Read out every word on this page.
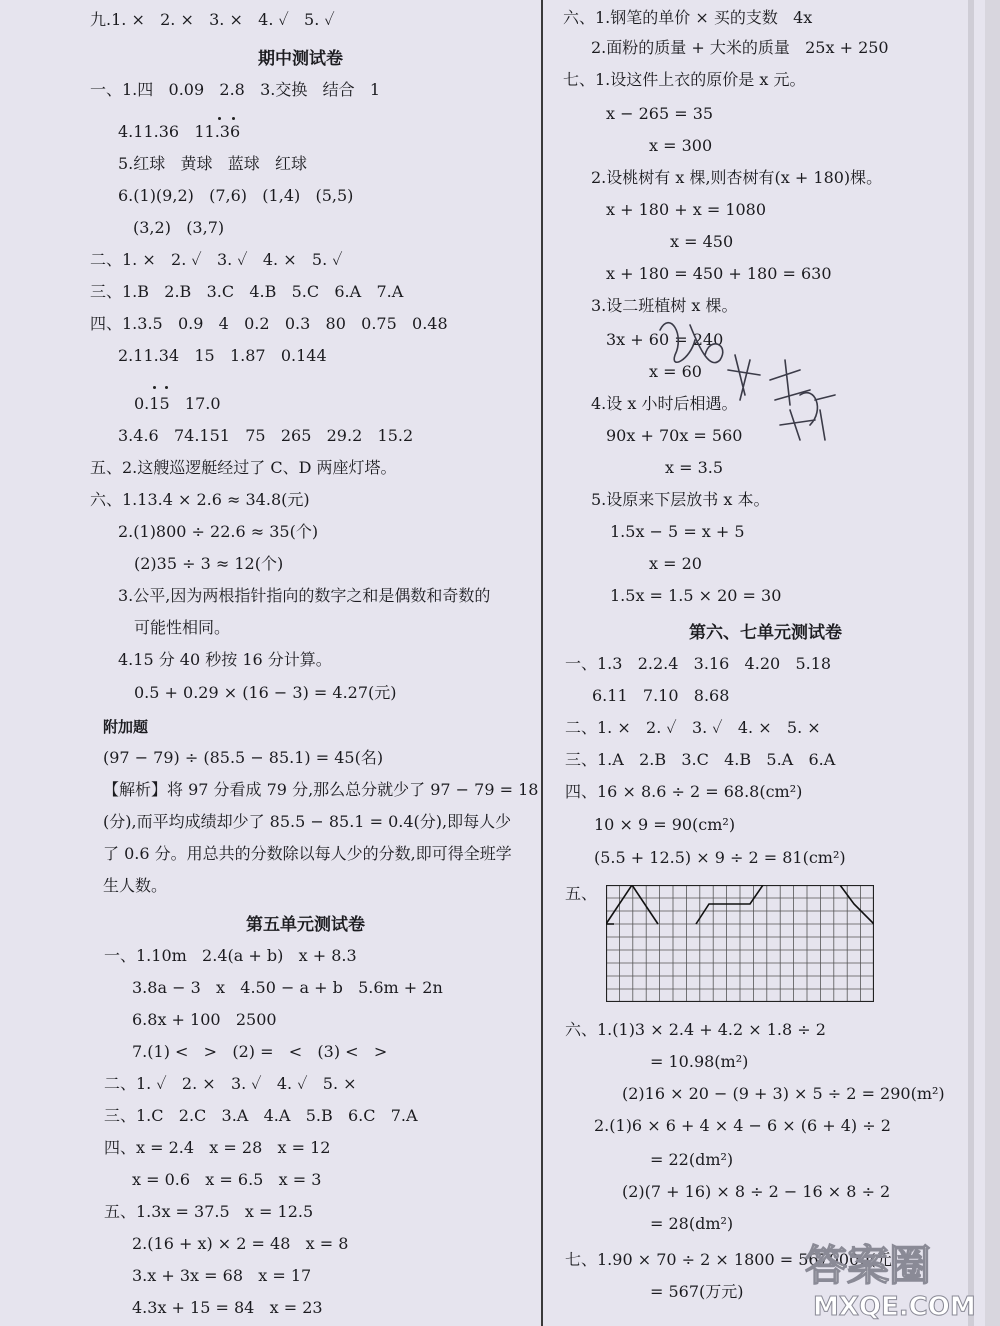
九.1. ×   2. ×   3. ×   4. ✓   5. ✓
期中测试卷
一、1.四   0.09   2.8   3.交换   结合   1
4.11.36   11.36
5.红球   黄球   蓝球   红球
6.(1)(9,2)   (7,6)   (1,4)   (5,5)
(3,2)   (3,7)
二、1. ×   2. ✓   3. ✓   4. ×   5. ✓
三、1.B   2.B   3.C   4.B   5.C   6.A   7.A
四、1.3.5   0.9   4   0.2   0.3   80   0.75   0.48
2.11.34   15   1.87   0.144
0.15   17.0
3.4.6   74.151   75   265   29.2   15.2
五、2.这艘巡逻艇经过了 C、D 两座灯塔。
六、1.13.4 × 2.6 ≈ 34.8(元)
2.(1)800 ÷ 22.6 ≈ 35(个)
(2)35 ÷ 3 ≈ 12(个)
3.公平,因为两根指针指向的数字之和是偶数和奇数的
可能性相同。
4.15 分 40 秒按 16 分计算。
0.5 + 0.29 × (16 − 3) = 4.27(元)
附加题
(97 − 79) ÷ (85.5 − 85.1) = 45(名)
【解析】将 97 分看成 79 分,那么总分就少了 97 − 79 = 18
(分),而平均成绩却少了 85.5 − 85.1 = 0.4(分),即每人少
了 0.6 分。用总共的分数除以每人少的分数,即可得全班学
生人数。
第五单元测试卷
一、1.10m   2.4(a + b)   x + 8.3
3.8a − 3   x   4.50 − a + b   5.6m + 2n
6.8x + 100   2500
7.(1) <   >   (2) =   <   (3) <   >
二、1. ✓   2. ×   3. ✓   4. ✓   5. ×
三、1.C   2.C   3.A   4.A   5.B   6.C   7.A
四、x = 2.4   x = 28   x = 12
x = 0.6   x = 6.5   x = 3
五、1.3x = 37.5   x = 12.5
2.(16 + x) × 2 = 48   x = 8
3.x + 3x = 68   x = 17
4.3x + 15 = 84   x = 23
六、1.钢笔的单价 × 买的支数   4x
2.面粉的质量 + 大米的质量   25x + 250
七、1.设这件上衣的原价是 x 元。
x − 265 = 35
x = 300
2.设桃树有 x 棵,则杏树有(x + 180)棵。
x + 180 + x = 1080
x = 450
x + 180 = 450 + 180 = 630
3.设二班植树 x 棵。
3x + 60 = 240
x = 60
4.设 x 小时后相遇。
90x + 70x = 560
x = 3.5
5.设原来下层放书 x 本。
1.5x − 5 = x + 5
x = 20
1.5x = 1.5 × 20 = 30
第六、七单元测试卷
一、1.3   2.2.4   3.16   4.20   5.18
6.11   7.10   8.68
二、1. ×   2. ✓   3. ✓   4. ×   5. ×
三、1.A   2.B   3.C   4.B   5.A   6.A
四、16 × 8.6 ÷ 2 = 68.8(cm²)
10 × 9 = 90(cm²)
(5.5 + 12.5) × 9 ÷ 2 = 81(cm²)
五、
六、1.(1)3 × 2.4 + 4.2 × 1.8 ÷ 2
= 10.98(m²)
(2)16 × 20 − (9 + 3) × 5 ÷ 2 = 290(m²)
2.(1)6 × 6 + 4 × 4 − 6 × (6 + 4) ÷ 2
= 22(dm²)
(2)(7 + 16) × 8 ÷ 2 − 16 × 8 ÷ 2
= 28(dm²)
七、1.90 × 70 ÷ 2 × 1800 = 5670000(元)
= 567(万元)
答案圈
MXQE.COM
